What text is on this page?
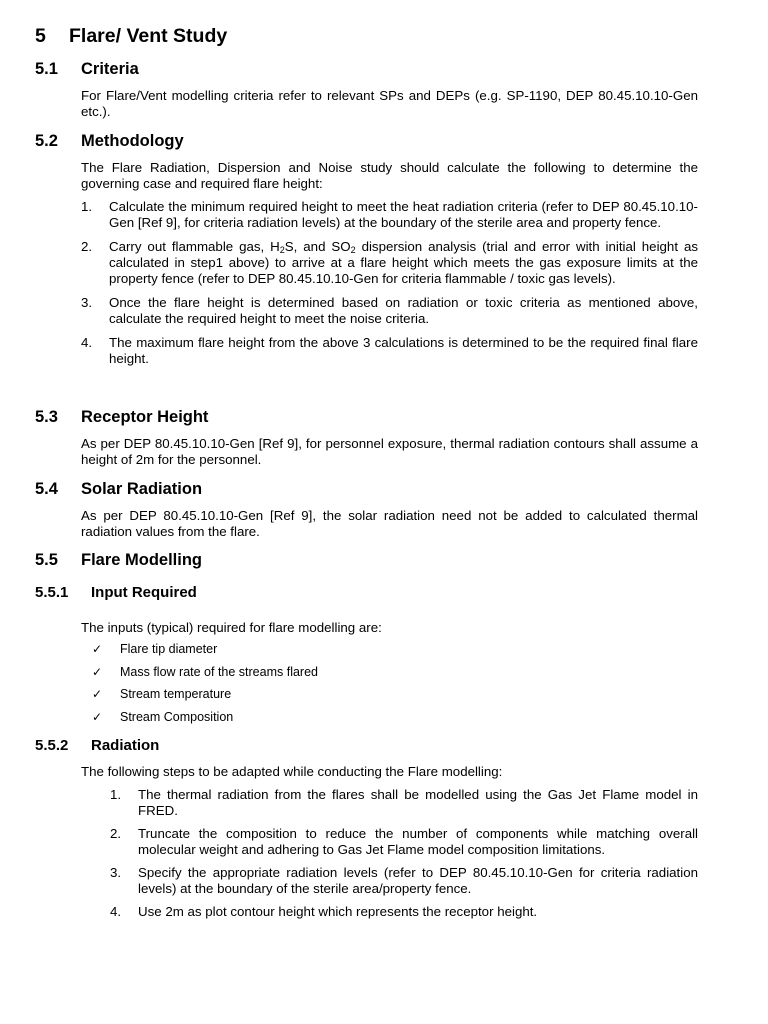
5 Flare/ Vent Study
5.1 Criteria

For Flare/Vent modelling criteria refer to relevant SPs and DEPs (e.g. SP-1190, DEP 80.45.10.10-Gen etc.).

5.2 Methodology

The Flare Radiation, Dispersion and Noise study should calculate the following to determine the governing case and required flare height:

1. Calculate the minimum required height to meet the heat radiation criteria (refer to DEP 80.45.10.10-Gen [Ref 9], for criteria radiation levels) at the boundary of the sterile area and property fence.
2. Carry out flammable gas, $H_2S$, and $SO_2$ dispersion analysis (trial and error with initial height as calculated in step1 above) to arrive at a flare height which meets the gas exposure limits at the property fence (refer to DEP 80.45.10.10-Gen for criteria flammable / toxic gas levels).
3. Once the flare height is determined based on radiation or toxic criteria as mentioned above, calculate the required height to meet the noise criteria.
4. The maximum flare height from the above 3 calculations is determined to be the required final flare height.
5.3 Receptor Height

As per DEP 80.45.10.10-Gen [Ref 9], for personnel exposure, thermal radiation contours shall assume a height of 2m for the personnel.

5.4 Solar Radiation

As per DEP 80.45.10.10-Gen [Ref 9], the solar radiation need not be added to calculated thermal radiation values from the flare.

5.5 Flare Modelling
5.5.1 Input Required

The inputs (typical) required for flare modelling are:

✓	Flare tip diameter
✓	Mass flow rate of the streams flared
✓	Stream temperature
✓	Stream Composition
5.5.2 Radiation

The following steps to be adapted while conducting the Flare modelling:

1. The thermal radiation from the flares shall be modelled using the Gas Jet Flame model in FRED.
2. Truncate the composition to reduce the number of components while matching overall molecular weight and adhering to Gas Jet Flame model composition limitations.
3. Specify the appropriate radiation levels (refer to DEP 80.45.10.10-Gen for criteria radiation levels) at the boundary of the sterile area/property fence.
4. Use 2m as plot contour height which represents the receptor height.
